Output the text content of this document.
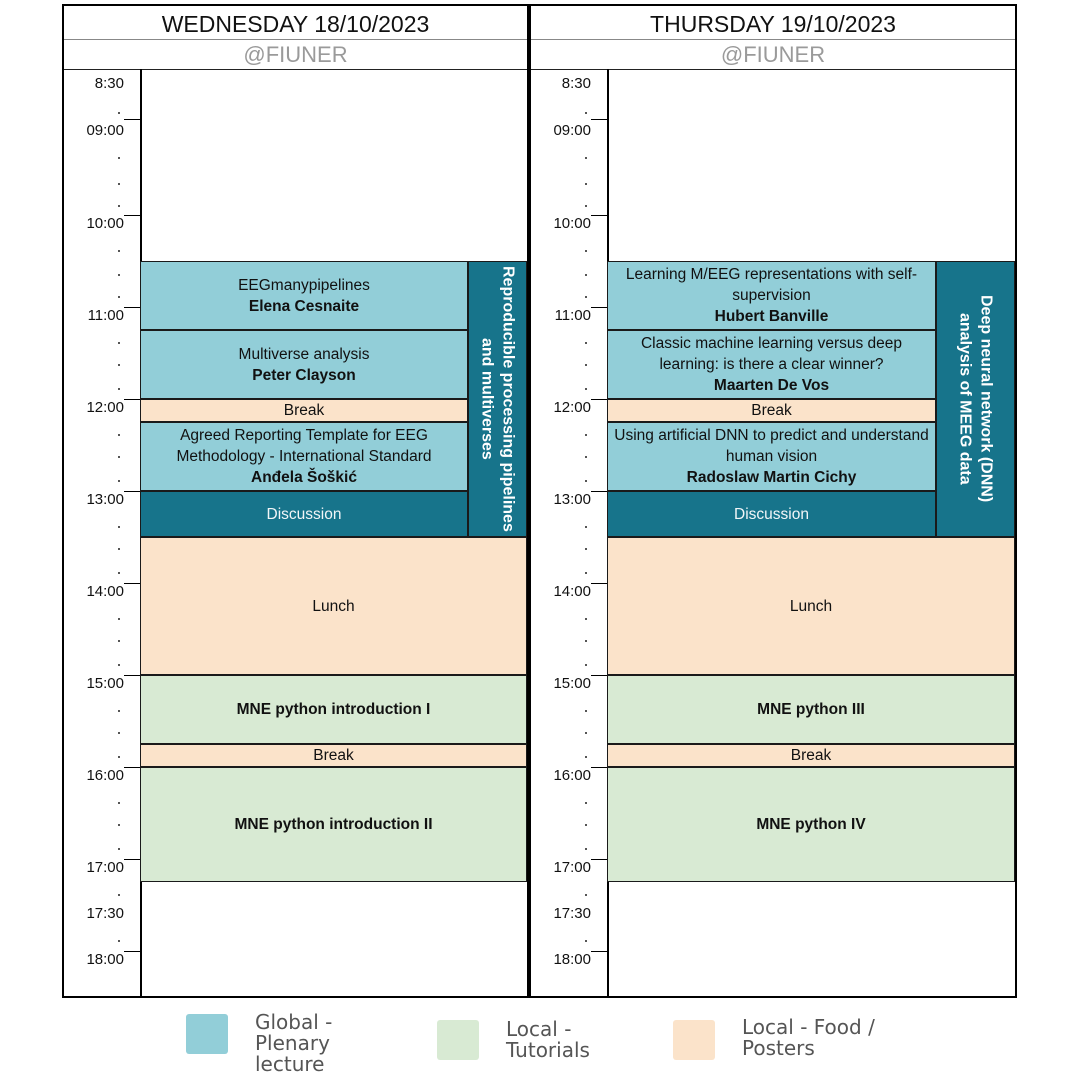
WEDNESDAY 18/10/2023
@FIUNER
8:30
09:00
10:00
11:00
12:00
13:00
14:00
15:00
16:00
17:00
17:30
18:00
EEGmanypipelines
Elena Cesnaite
Multiverse analysis
Peter Clayson
Break
Agreed Reporting Template for EEG Methodology - International Standard
Anđela Šoškić
Discussion	Reproducible processing pipelines and multiverses
Lunch
MNE python introduction I
Break
MNE python introduction II
THURSDAY 19/10/2023
@FIUNER
8:30
09:00
10:00
11:00
12:00
13:00
14:00
15:00
16:00
17:00
17:30
18:00
Learning M/EEG representations with self-supervision
Hubert Banville
Classic machine learning versus deep learning: is there a clear winner?
Maarten De Vos
Break
Using artificial DNN to predict and understand human vision
Radoslaw Martin Cichy
Discussion
Deep neural network (DNN) analysis of MEEG data
Lunch
MNE python III
Break
MNE python IV
Global -
Plenary
lecture
Local -
Tutorials
Local - Food /
Posters
